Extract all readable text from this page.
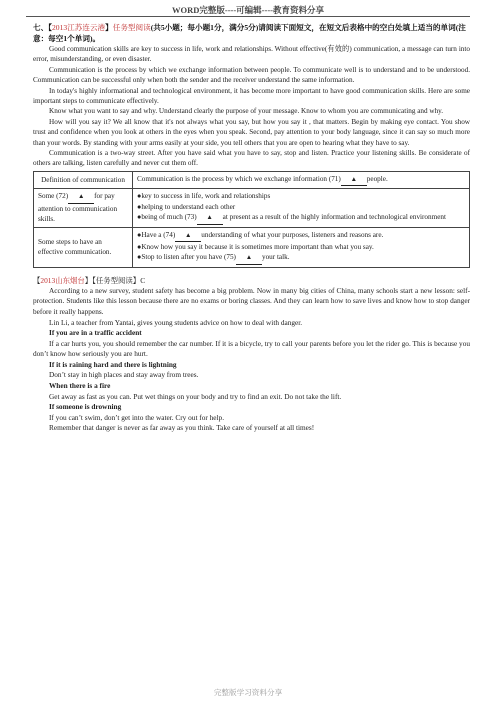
WORD完整版----可编辑----教育资料分享
七、【2013江苏连云港】任务型阅读(共5小题；每小题1分，满分5分)请阅读下面短文，在短文后表格中的空白处填上适当的单词(注意：每空1个单词)。

Good communication skills are key to success in life, work and relationships. Without effective(有效的) communication, a message can turn into error, misunderstanding, or even disaster.

Communication is the process by which we exchange information between people. To communicate well is to understand and to be understood. Communication can be successful only when both the sender and the receiver understand the same information.

In today's highly informational and technological environment, it has become more important to have good communication skills. Here are some important steps to communicate effectively.

Know what you want to say and why. Understand clearly the purpose of your message. Know to whom you are communicating and why.

How will you say it? We all know that it's not always what you say, but how you say it , that matters. Begin by making eye contact. You show trust and confidence when you look at others in the eyes when you speak. Second, pay attention to your body language, since it can say so much more than your words. By standing with your arms easily at your side, you tell others that you are open to hearing what they have to say.

Communication is a two-way street. After you have said what you have to say, stop and listen. Practice your listening skills. Be considerate of others are talking, listen carefully and never cut them off.

Definition of communication	Communication is the process by which we exchange information (71) ▲ people.
Some (72) ▲ for pay attention to communication skills.	●key to success in life, work and relationships
●helping to understand each other
●being of much (73) ▲ at present as a result of the highly information and technological environment

Some steps to have an effective communication.	●Have a (74) ▲ understanding of what your purposes, listeners and reasons are.
●Know how you say it because it is sometimes more important than what you say.
●Stop to listen after you have (75) ▲ your talk.
【2013山东烟台】【任务型阅读】C

According to a new survey, student safety has become a big problem. Now in many big cities of China, many schools start a new lesson: self-protection. Students like this lesson because there are no exams or boring classes. And they can learn how to save lives and know how to stop danger before it really happens.

Lin Li, a teacher from Yantai, gives young students advice on how to deal with danger.

If you are in a traffic accident

If a car hurts you, you should remember the car number. If it is a bicycle, try to call your parents before you let the rider go. This is because you don’t know how seriously you are hurt.

If it is raining hard and there is lightning

Don’t stay in high places and stay away from trees.

When there is a fire

Get away as fast as you can. Put wet things on your body and try to find an exit. Do not take the lift.

If someone is drowning

If you can’t swim, don’t get into the water. Cry out for help.

Remember that danger is never as far away as you think. Take care of yourself at all times!

完整版学习资料分享
